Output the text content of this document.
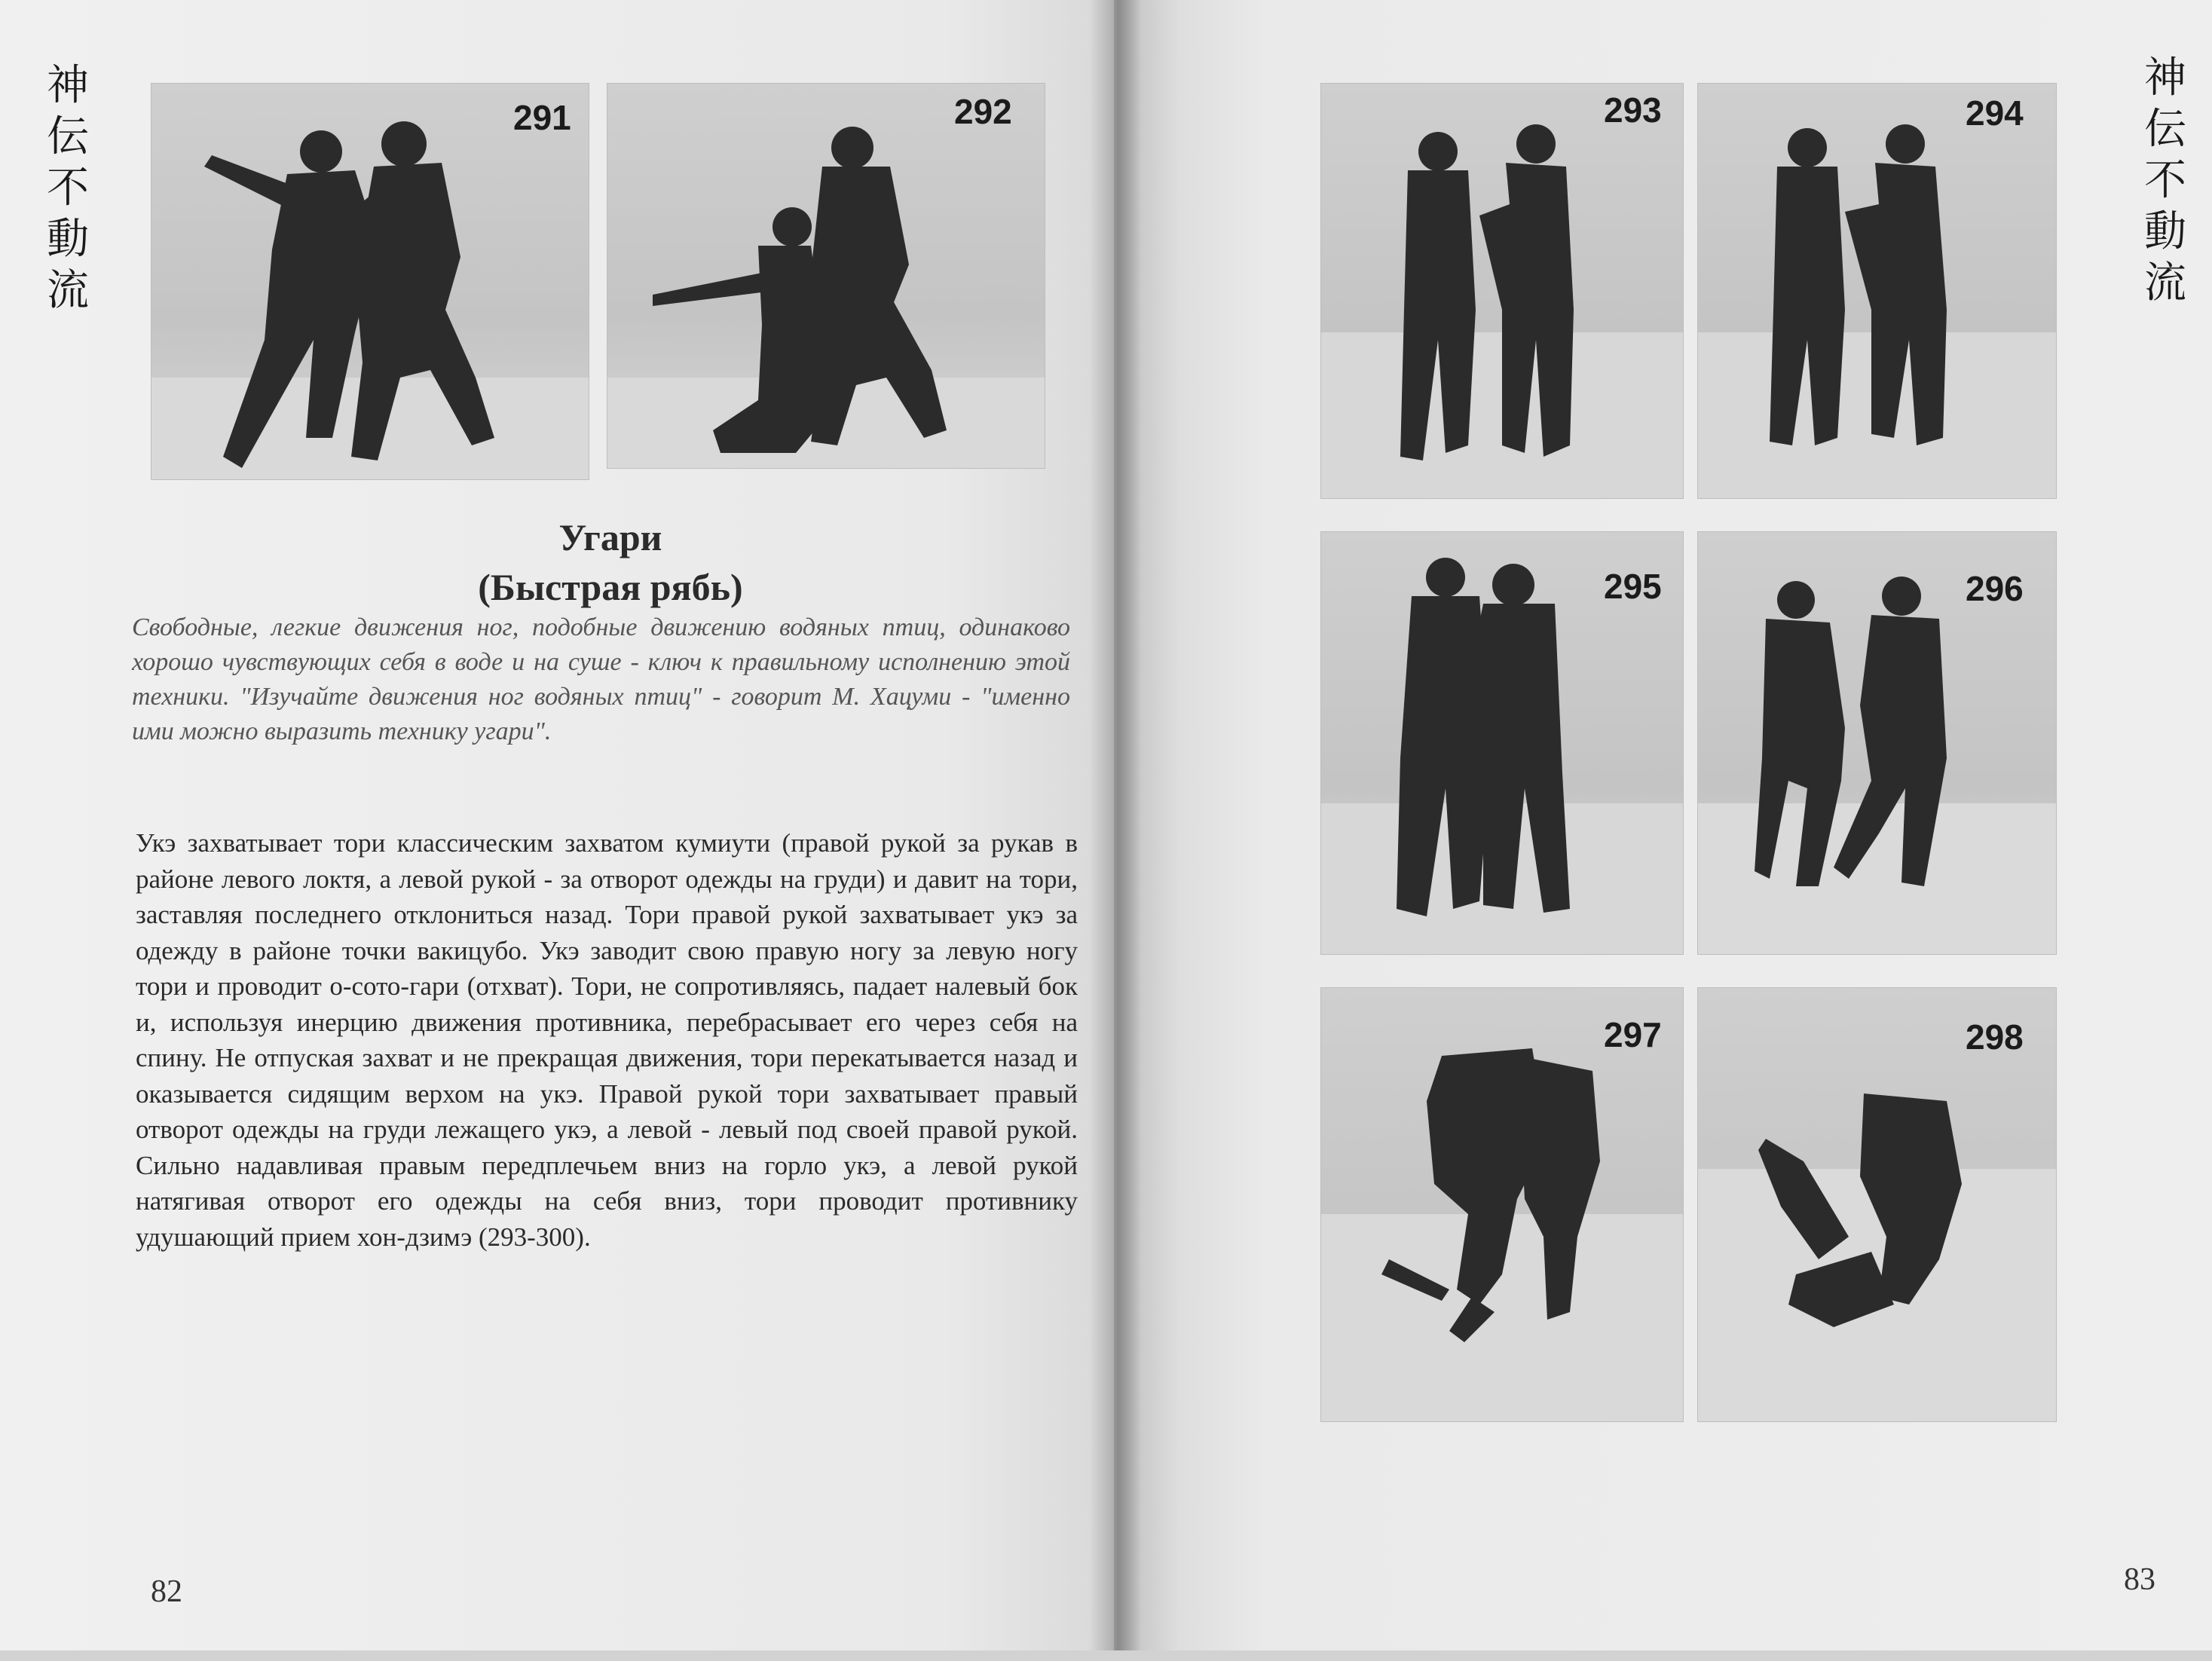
神
伝
不
動
流
神
伝
不
動
流
291	292
Угари
(Быстрая рябь)

Свободные, легкие движения ног, подобные движению водяных птиц, одинаково хорошо чувствующих себя в воде и на суше - ключ к правильному исполнению этой техники. "Изучайте движения ног водяных птиц" - говорит М. Хацуми - "именно ими можно выразить технику угари".

Укэ захватывает тори классическим захватом кумиути (правой рукой за рукав в районе левого локтя, а левой рукой - за отворот одежды на груди) и давит на тори, заставляя последнего отклониться назад. Тори правой рукой захватывает укэ за одежду в районе точки вакицубо. Укэ заводит свою правую ногу за левую ногу тори и проводит о-сото-гари (отхват). Тори, не сопротивляясь, падает налевый бок и, используя инерцию движения противника, перебрасывает его через себя на спину. Не отпуская захват и не прекращая движения, тори перекатывается назад и оказывается сидящим верхом на укэ. Правой рукой тори захватывает правый отворот одежды на груди лежащего укэ, а левой - левый под своей правой рукой. Сильно надавливая правым передплечьем вниз на горло укэ, а левой рукой натягивая отворот его одежды на себя вниз, тори проводит противнику удушающий прием хон-дзимэ (293-300).

82
293	294
295	296
297	298
83
